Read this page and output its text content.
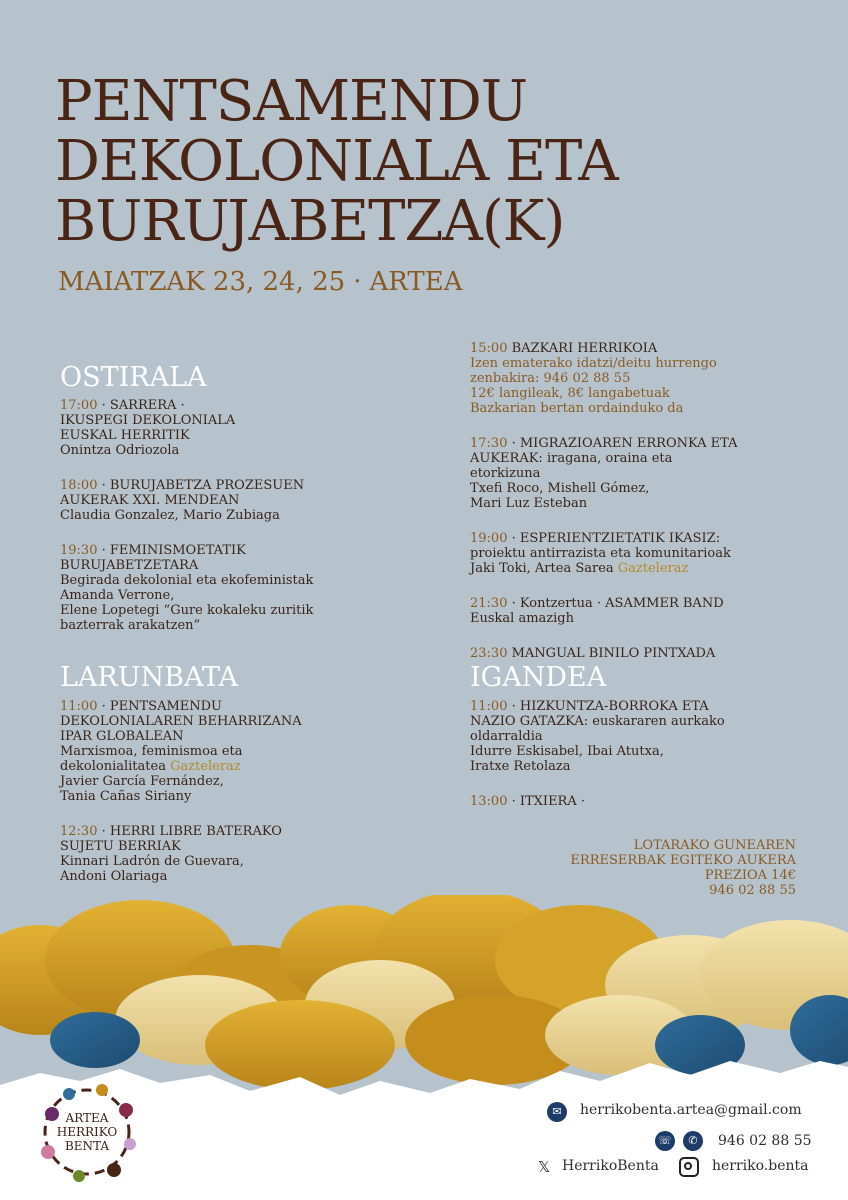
PENTSAMENDU
DEKOLONIALA ETA
BURUJABETZA(K)
MAIATZAK 23, 24, 25 · ARTEA
OSTIRALA
17:00 · SARRERA ·
IKUSPEGI DEKOLONIALA
EUSKAL HERRITIK
Onintza Odriozola
18:00 · BURUJABETZA PROZESUEN
AUKERAK XXI. MENDEAN
Claudia Gonzalez, Mario Zubiaga
19:30 · FEMINISMOETATIK
BURUJABETZETARA
Begirada dekolonial eta ekofeministak
Amanda Verrone,
Elene Lopetegi “Gure kokaleku zuritik
bazterrak arakatzen”
LARUNBATA
11:00 · PENTSAMENDU
DEKOLONIALAREN BEHARRIZANA
IPAR GLOBALEAN
Marxismoa, feminismoa eta
dekolonialitatea Gazteleraz
Javier García Fernández,
Tania Cañas Siriany
12:30 · HERRI LIBRE BATERAKO
SUJETU BERRIAK
Kinnari Ladrón de Guevara,
Andoni Olariaga
15:00 BAZKARI HERRIKOIA
Izen ematerako idatzi/deitu hurrengo
zenbakira: 946 02 88 55
12€ langileak, 8€ langabetuak
Bazkarian bertan ordainduko da
17:30 · MIGRAZIOAREN ERRONKA ETA
AUKERAK: iragana, oraina eta
etorkizuna
Txefi Roco, Mishell Gómez,
Mari Luz Esteban
19:00 · ESPERIENTZIETATIK IKASIZ:
proiektu antirrazista eta komunitarioak
Jaki Toki, Artea Sarea Gazteleraz
21:30 · Kontzertua · ASAMMER BAND
Euskal amazigh
23:30 MANGUAL BINILO PINTXADA
IGANDEA
11:00 · HIZKUNTZA-BORROKA ETA
NAZIO GATAZKA: euskararen aurkako
oldarraldia
Idurre Eskisabel, Ibai Atutxa,
Iratxe Retolaza
13:00 · ITXIERA ·
LOTARAKO GUNEAREN
ERRESERBAK EGITEKO AUKERA
PREZIOA 14€
946 02 88 55
ARTEA
HERRIKO
BENTA
✉	herrikobenta.artea@gmail.com
☏	✆	946 02 88 55
𝕏 HerrikoBenta	herriko.benta
